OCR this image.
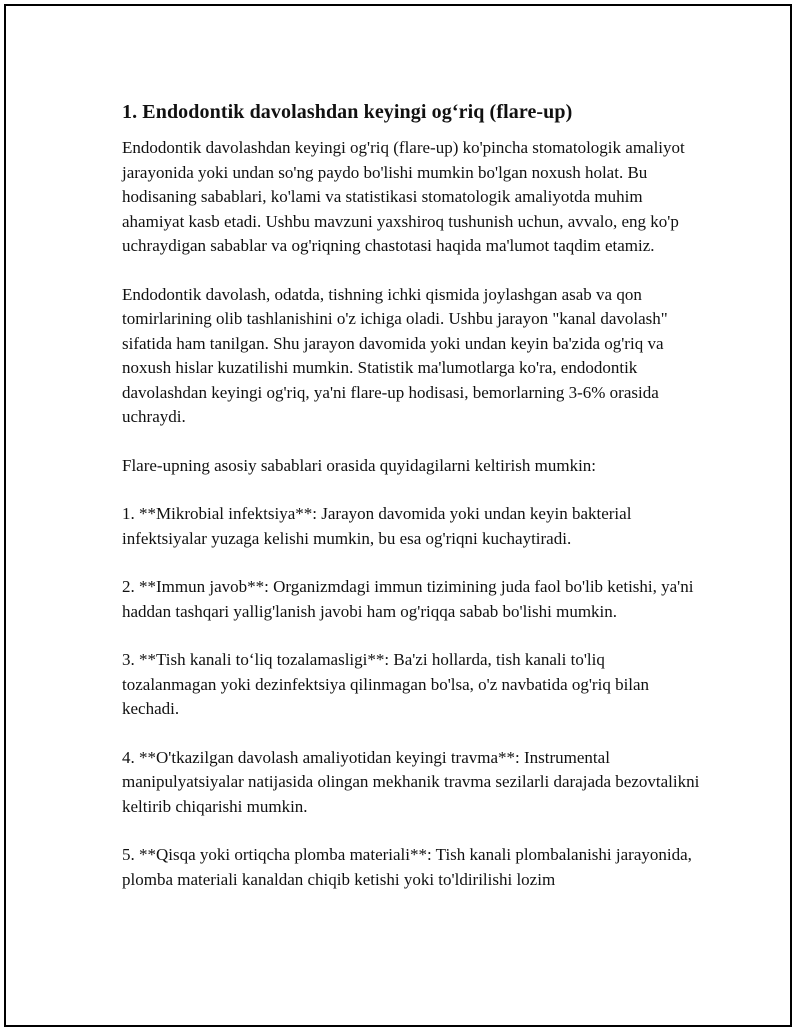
1. Endodontik davolashdan keyingi og‘riq (flare-up)

Endodontik davolashdan keyingi og'riq (flare-up) ko'pincha stomatologik amaliyot jarayonida yoki undan so'ng paydo bo'lishi mumkin bo'lgan noxush holat. Bu hodisaning sabablari, ko'lami va statistikasi stomatologik amaliyotda muhim ahamiyat kasb etadi. Ushbu mavzuni yaxshiroq tushunish uchun, avvalo, eng ko'p uchraydigan sabablar va og'riqning chastotasi haqida ma'lumot taqdim etamiz.

Endodontik davolash, odatda, tishning ichki qismida joylashgan asab va qon tomirlarining olib tashlanishini o'z ichiga oladi. Ushbu jarayon "kanal davolash" sifatida ham tanilgan. Shu jarayon davomida yoki undan keyin ba'zida og'riq va noxush hislar kuzatilishi mumkin. Statistik ma'lumotlarga ko'ra, endodontik davolashdan keyingi og'riq, ya'ni flare-up hodisasi, bemorlarning 3-6% orasida uchraydi.

Flare-upning asosiy sabablari orasida quyidagilarni keltirish mumkin:

1. **Mikrobial infektsiya**: Jarayon davomida yoki undan keyin bakterial infektsiyalar yuzaga kelishi mumkin, bu esa og'riqni kuchaytiradi.

2. **Immun javob**: Organizmdagi immun tizimining juda faol bo'lib ketishi, ya'ni haddan tashqari yallig'lanish javobi ham og'riqqa sabab bo'lishi mumkin.

3. **Tish kanali to‘liq tozalamasligi**: Ba'zi hollarda, tish kanali to'liq tozalanmagan yoki dezinfektsiya qilinmagan bo'lsa, o'z navbatida og'riq bilan kechadi.

4. **O'tkazilgan davolash amaliyotidan keyingi travma**: Instrumental manipulyatsiyalar natijasida olingan mekhanik travma sezilarli darajada bezovtalikni keltirib chiqarishi mumkin.

5. **Qisqa yoki ortiqcha plomba materiali**: Tish kanali plombalanishi jarayonida, plomba materiali kanaldan chiqib ketishi yoki to'ldirilishi lozim
